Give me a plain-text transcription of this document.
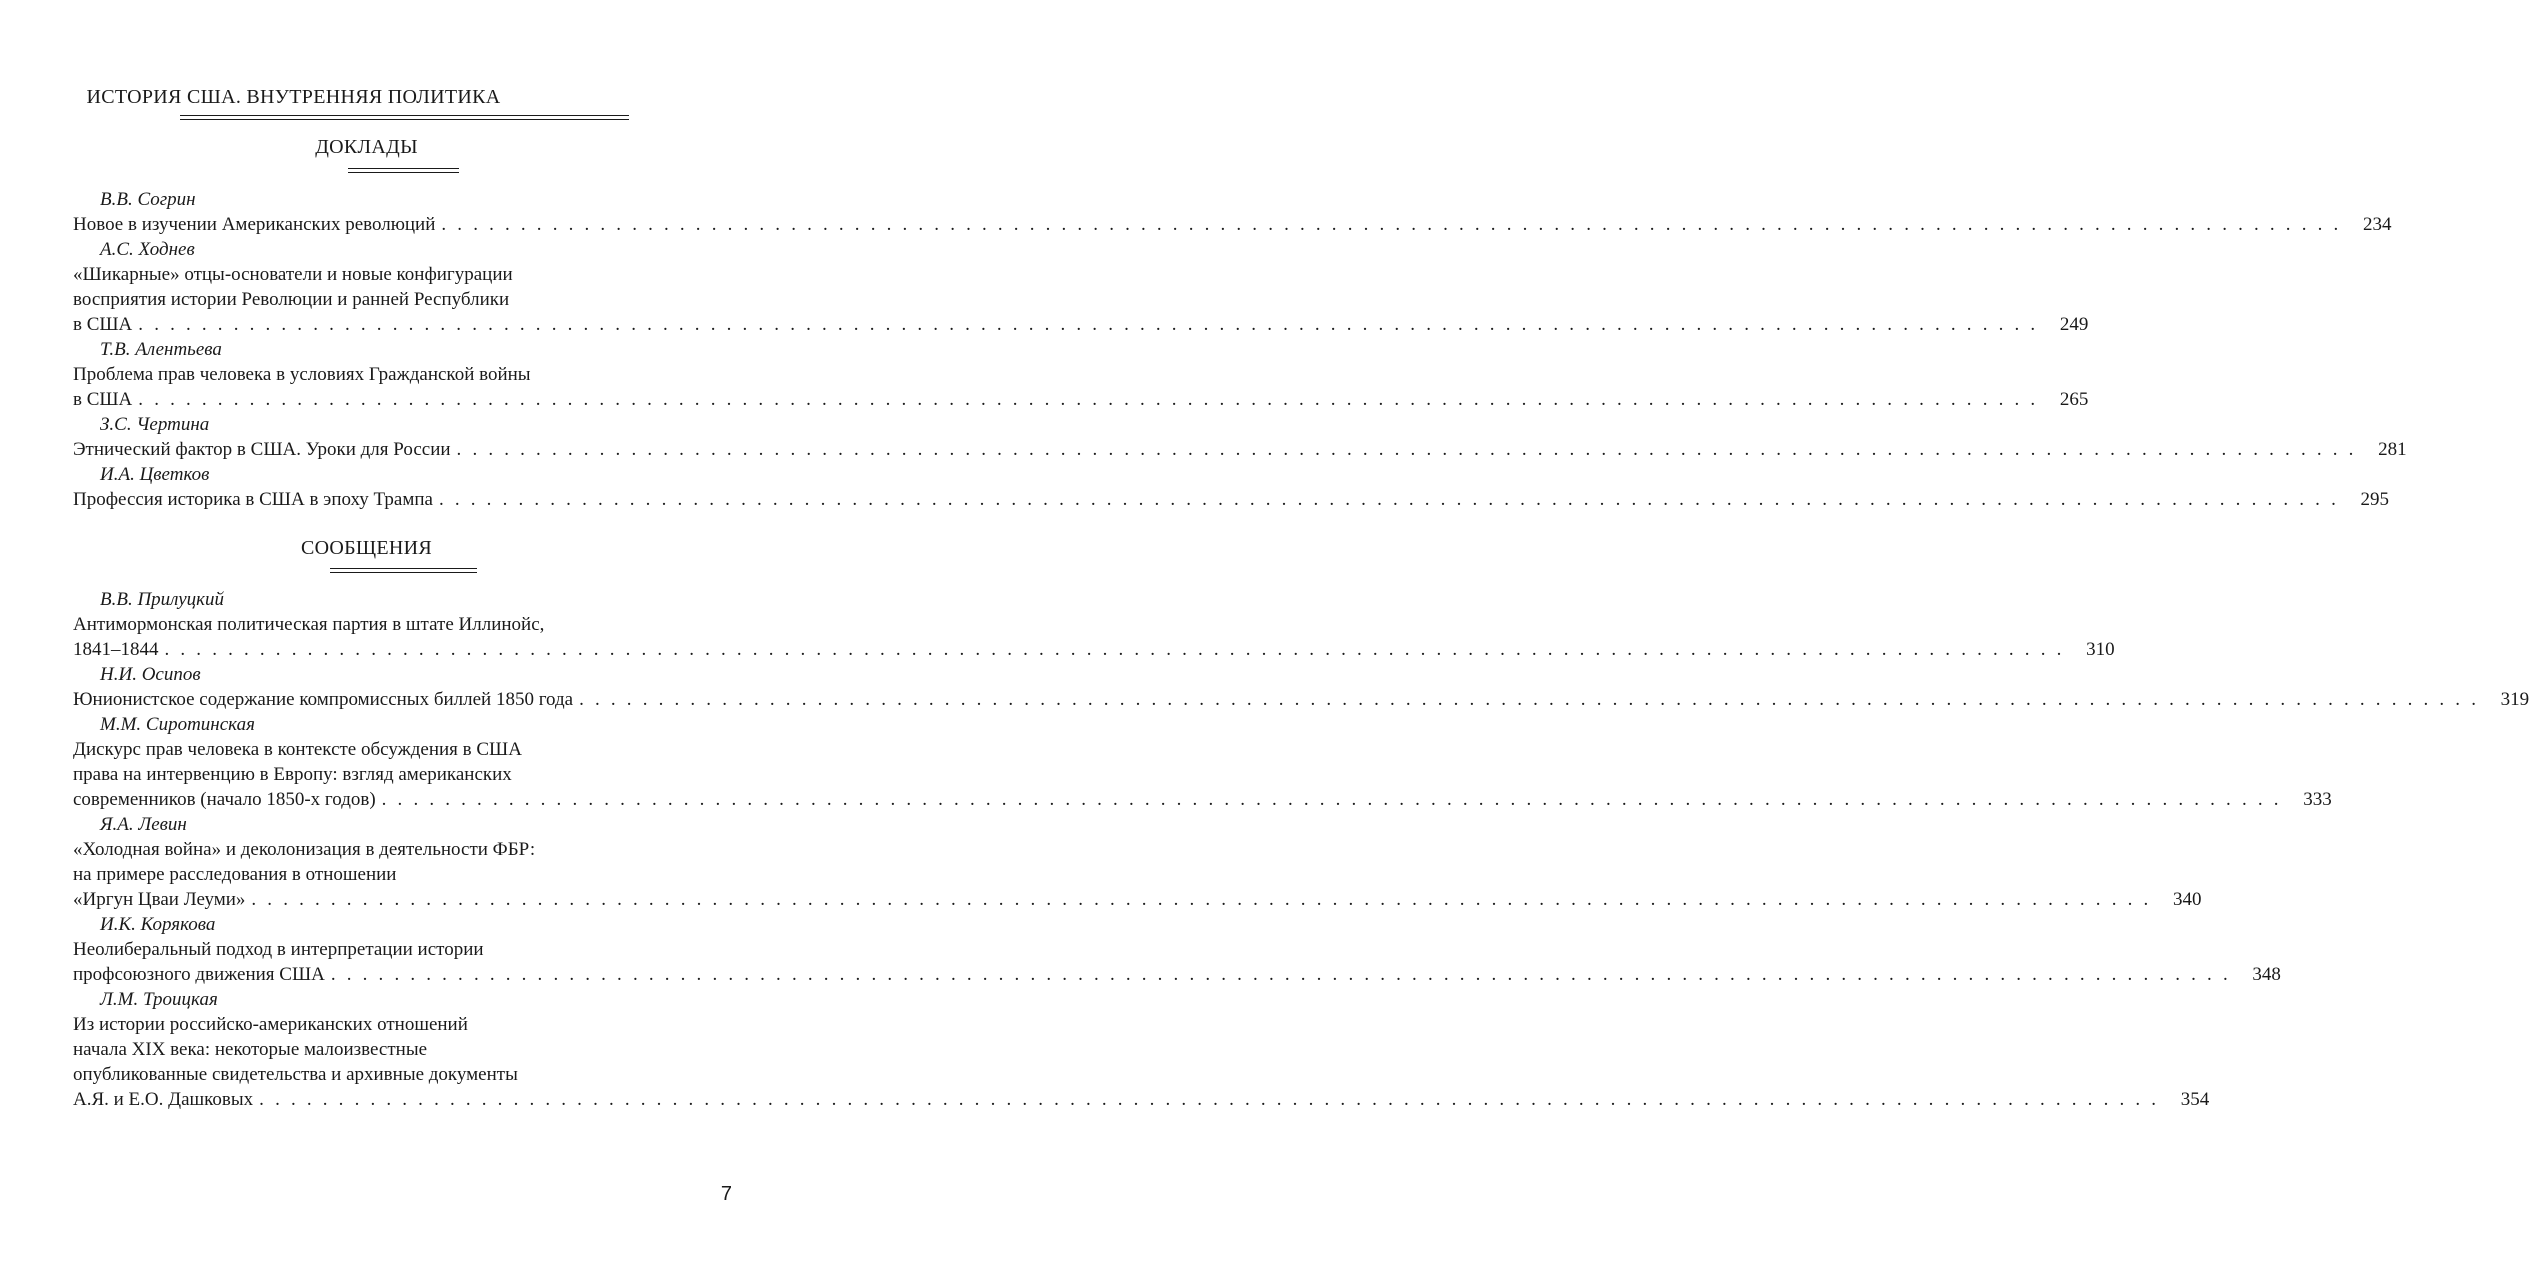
ИСТОРИЯ США. ВНУТРЕННЯЯ ПОЛИТИКА
ДОКЛАДЫ
В.В. Согрин
Новое в изучении Американских революций . . . . . . . . . . . . . . . . . . . . . . . . . . . . . . . . . . . . . . . . . . . . . . . . . . . . . . . . . . . . . . . . . . . . . . . . . . . . . . . . . . . . . . . . . . . . . . . . . . . . . . . . . . . . . . . . . . . . . . . .	234
А.С. Ходнев
«Шикарные» отцы-основатели и новые конфигурации
восприятия истории Революции и ранней Республики
в США . . . . . . . . . . . . . . . . . . . . . . . . . . . . . . . . . . . . . . . . . . . . . . . . . . . . . . . . . . . . . . . . . . . . . . . . . . . . . . . . . . . . . . . . . . . . . . . . . . . . . . . . . . . . . . . . . . . . . . . .	249
Т.В. Алентьева
Проблема прав человека в условиях Гражданской войны
в США . . . . . . . . . . . . . . . . . . . . . . . . . . . . . . . . . . . . . . . . . . . . . . . . . . . . . . . . . . . . . . . . . . . . . . . . . . . . . . . . . . . . . . . . . . . . . . . . . . . . . . . . . . . . . . . . . . . . . . . .	265
З.С. Чертина
Этнический фактор в США. Уроки для России . . . . . . . . . . . . . . . . . . . . . . . . . . . . . . . . . . . . . . . . . . . . . . . . . . . . . . . . . . . . . . . . . . . . . . . . . . . . . . . . . . . . . . . . . . . . . . . . . . . . . . . . . . . . . . . . . . . . . . . .	281
И.А. Цветков
Профессия историка в США в эпоху Трампа . . . . . . . . . . . . . . . . . . . . . . . . . . . . . . . . . . . . . . . . . . . . . . . . . . . . . . . . . . . . . . . . . . . . . . . . . . . . . . . . . . . . . . . . . . . . . . . . . . . . . . . . . . . . . . . . . . . . . . . .	295
СООБЩЕНИЯ
В.В. Прилуцкий
Антимормонская политическая партия в штате Иллинойс,
1841–1844 . . . . . . . . . . . . . . . . . . . . . . . . . . . . . . . . . . . . . . . . . . . . . . . . . . . . . . . . . . . . . . . . . . . . . . . . . . . . . . . . . . . . . . . . . . . . . . . . . . . . . . . . . . . . . . . . . . . . . . . .	310
Н.И. Осипов
Юнионистское содержание компромиссных биллей 1850 года . . . . . . . . . . . . . . . . . . . . . . . . . . . . . . . . . . . . . . . . . . . . . . . . . . . . . . . . . . . . . . . . . . . . . . . . . . . . . . . . . . . . . . . . . . . . . . . . . . . . . . . . . . . . . . . . . . . . . . . .	319
М.М. Сиротинская
Дискурс прав человека в контексте обсуждения в США
права на интервенцию в Европу: взгляд американских
современников (начало 1850-х годов) . . . . . . . . . . . . . . . . . . . . . . . . . . . . . . . . . . . . . . . . . . . . . . . . . . . . . . . . . . . . . . . . . . . . . . . . . . . . . . . . . . . . . . . . . . . . . . . . . . . . . . . . . . . . . . . . . . . . . . . .	333
Я.А. Левин
«Холодная война» и деколонизация в деятельности ФБР:
на примере расследования в отношении
«Иргун Цваи Леуми» . . . . . . . . . . . . . . . . . . . . . . . . . . . . . . . . . . . . . . . . . . . . . . . . . . . . . . . . . . . . . . . . . . . . . . . . . . . . . . . . . . . . . . . . . . . . . . . . . . . . . . . . . . . . . . . . . . . . . . . .	340
И.К. Корякова
Неолиберальный подход в интерпретации истории
профсоюзного движения США . . . . . . . . . . . . . . . . . . . . . . . . . . . . . . . . . . . . . . . . . . . . . . . . . . . . . . . . . . . . . . . . . . . . . . . . . . . . . . . . . . . . . . . . . . . . . . . . . . . . . . . . . . . . . . . . . . . . . . . .	348
Л.М. Троицкая
Из истории российско-американских отношений
начала XIX века: некоторые малоизвестные
опубликованные свидетельства и архивные документы
А.Я. и Е.О. Дашковых . . . . . . . . . . . . . . . . . . . . . . . . . . . . . . . . . . . . . . . . . . . . . . . . . . . . . . . . . . . . . . . . . . . . . . . . . . . . . . . . . . . . . . . . . . . . . . . . . . . . . . . . . . . . . . . . . . . . . . . .	354
7
